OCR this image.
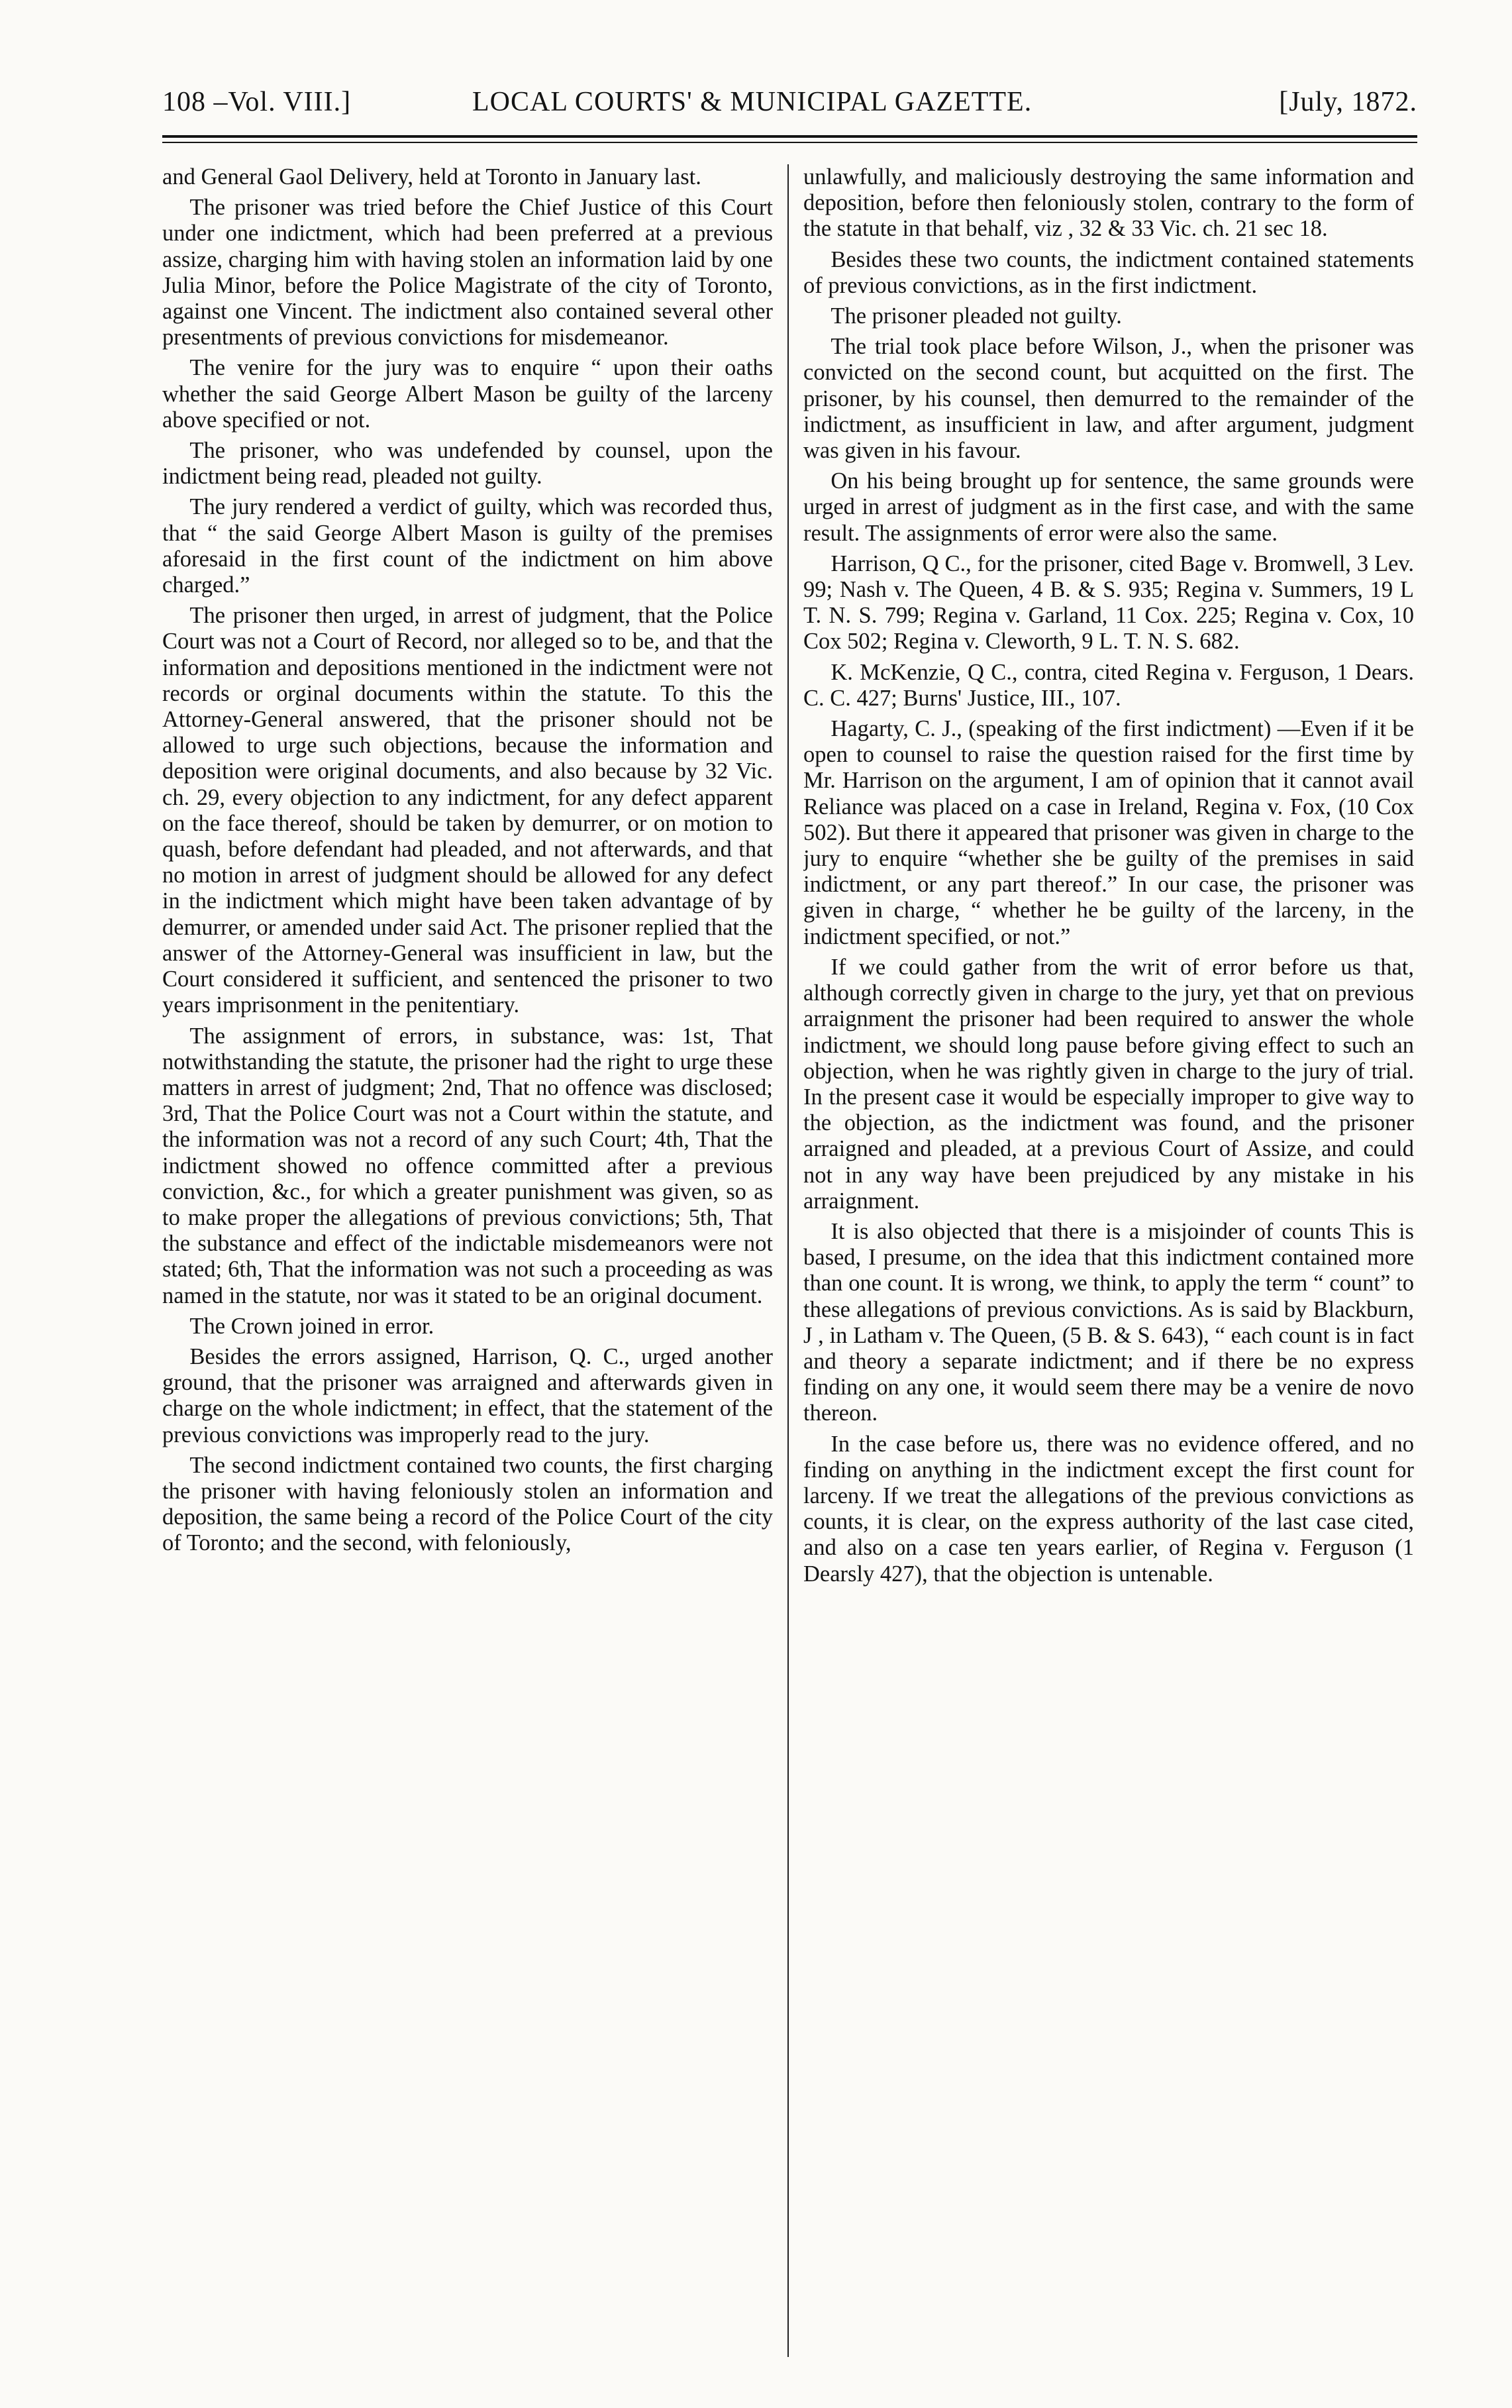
108 –Vol. VIII.]	LOCAL COURTS' & MUNICIPAL GAZETTE.	[July, 1872.

and General Gaol Delivery, held at Toronto in January last.

The prisoner was tried before the Chief Justice of this Court under one indictment, which had been preferred at a previous assize, charging him with having stolen an information laid by one Julia Minor, before the Police Magistrate of the city of Toronto, against one Vincent. The indictment also contained several other presentments of previous convictions for misdemeanor.

The venire for the jury was to enquire “ upon their oaths whether the said George Albert Mason be guilty of the larceny above specified or not.

The prisoner, who was undefended by counsel, upon the indictment being read, pleaded not guilty.

The jury rendered a verdict of guilty, which was recorded thus, that “ the said George Albert Mason is guilty of the premises aforesaid in the first count of the indictment on him above charged.”

The prisoner then urged, in arrest of judgment, that the Police Court was not a Court of Record, nor alleged so to be, and that the information and depositions mentioned in the indictment were not records or orginal documents within the statute. To this the Attorney-General answered, that the prisoner should not be allowed to urge such objections, because the information and deposition were original documents, and also because by 32 Vic. ch. 29, every objection to any indictment, for any defect apparent on the face thereof, should be taken by demurrer, or on motion to quash, before defendant had pleaded, and not afterwards, and that no motion in arrest of judgment should be allowed for any defect in the indictment which might have been taken advantage of by demurrer, or amended under said Act. The prisoner replied that the answer of the Attorney-General was insufficient in law, but the Court considered it sufficient, and sentenced the prisoner to two years imprisonment in the penitentiary.

The assignment of errors, in substance, was: 1st, That notwithstanding the statute, the prisoner had the right to urge these matters in arrest of judgment; 2nd, That no offence was disclosed; 3rd, That the Police Court was not a Court within the statute, and the information was not a record of any such Court; 4th, That the indictment showed no offence committed after a previous conviction, &c., for which a greater punishment was given, so as to make proper the allegations of previous convictions; 5th, That the substance and effect of the indictable misdemeanors were not stated; 6th, That the information was not such a proceeding as was named in the statute, nor was it stated to be an original document.

The Crown joined in error.

Besides the errors assigned, Harrison, Q. C., urged another ground, that the prisoner was arraigned and afterwards given in charge on the whole indictment; in effect, that the statement of the previous convictions was improperly read to the jury.

The second indictment contained two counts, the first charging the prisoner with having feloniously stolen an information and deposition, the same being a record of the Police Court of the city of Toronto; and the second, with feloniously,

unlawfully, and maliciously destroying the same information and deposition, before then feloniously stolen, contrary to the form of the statute in that behalf, viz , 32 & 33 Vic. ch. 21 sec 18.

Besides these two counts, the indictment contained statements of previous convictions, as in the first indictment.

The prisoner pleaded not guilty.

The trial took place before Wilson, J., when the prisoner was convicted on the second count, but acquitted on the first. The prisoner, by his counsel, then demurred to the remainder of the indictment, as insufficient in law, and after argument, judgment was given in his favour.

On his being brought up for sentence, the same grounds were urged in arrest of judgment as in the first case, and with the same result. The assignments of error were also the same.

Harrison, Q C., for the prisoner, cited Bage v. Bromwell, 3 Lev. 99; Nash v. The Queen, 4 B. & S. 935; Regina v. Summers, 19 L T. N. S. 799; Regina v. Garland, 11 Cox. 225; Regina v. Cox, 10 Cox 502; Regina v. Cleworth, 9 L. T. N. S. 682.

K. McKenzie, Q C., contra, cited Regina v. Ferguson, 1 Dears. C. C. 427; Burns' Justice, III., 107.

Hagarty, C. J., (speaking of the first indictment) —Even if it be open to counsel to raise the question raised for the first time by Mr. Harrison on the argument, I am of opinion that it cannot avail Reliance was placed on a case in Ireland, Regina v. Fox, (10 Cox 502). But there it appeared that prisoner was given in charge to the jury to enquire “whether she be guilty of the premises in said indictment, or any part thereof.” In our case, the prisoner was given in charge, “ whether he be guilty of the larceny, in the indictment specified, or not.”

If we could gather from the writ of error before us that, although correctly given in charge to the jury, yet that on previous arraignment the prisoner had been required to answer the whole indictment, we should long pause before giving effect to such an objection, when he was rightly given in charge to the jury of trial. In the present case it would be especially improper to give way to the objection, as the indictment was found, and the prisoner arraigned and pleaded, at a previous Court of Assize, and could not in any way have been prejudiced by any mistake in his arraignment.

It is also objected that there is a misjoinder of counts This is based, I presume, on the idea that this indictment contained more than one count. It is wrong, we think, to apply the term “ count” to these allegations of previous convictions. As is said by Blackburn, J , in Latham v. The Queen, (5 B. & S. 643), “ each count is in fact and theory a separate indictment; and if there be no express finding on any one, it would seem there may be a venire de novo thereon.

In the case before us, there was no evidence offered, and no finding on anything in the indictment except the first count for larceny. If we treat the allegations of the previous convictions as counts, it is clear, on the express authority of the last case cited, and also on a case ten years earlier, of Regina v. Ferguson (1 Dearsly 427), that the objection is untenable.
